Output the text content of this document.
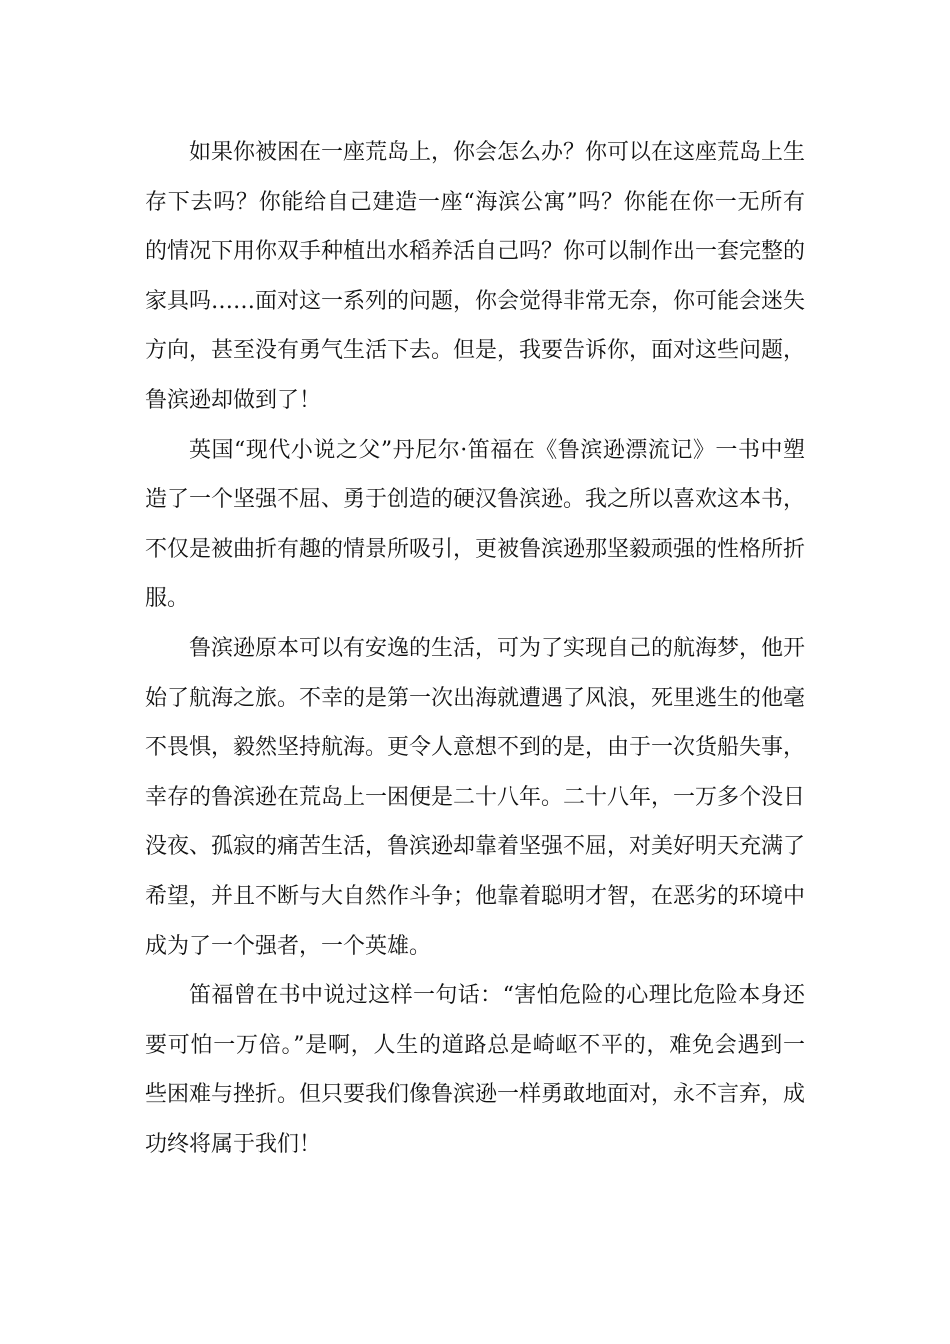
如果你被困在一座荒岛上，你会怎么办？你可以在这座荒岛上生存下去吗？你能给自己建造一座“海滨公寓”吗？你能在你一无所有的情况下用你双手种植出水稻养活自己吗？你可以制作出一套完整的家具吗……面对这一系列的问题，你会觉得非常无奈，你可能会迷失方向，甚至没有勇气生活下去。但是，我要告诉你，面对这些问题，鲁滨逊却做到了！

英国“现代小说之父”丹尼尔·笛福在《鲁滨逊漂流记》一书中塑造了一个坚强不屈、勇于创造的硬汉鲁滨逊。我之所以喜欢这本书，不仅是被曲折有趣的情景所吸引，更被鲁滨逊那坚毅顽强的性格所折服。

鲁滨逊原本可以有安逸的生活，可为了实现自己的航海梦，他开始了航海之旅。不幸的是第一次出海就遭遇了风浪，死里逃生的他毫不畏惧，毅然坚持航海。更令人意想不到的是，由于一次货船失事，幸存的鲁滨逊在荒岛上一困便是二十八年。二十八年，一万多个没日没夜、孤寂的痛苦生活，鲁滨逊却靠着坚强不屈，对美好明天充满了希望，并且不断与大自然作斗争；他靠着聪明才智，在恶劣的环境中成为了一个强者，一个英雄。

笛福曾在书中说过这样一句话：“害怕危险的心理比危险本身还要可怕一万倍。”是啊，人生的道路总是崎岖不平的，难免会遇到一些困难与挫折。但只要我们像鲁滨逊一样勇敢地面对，永不言弃，成功终将属于我们！
